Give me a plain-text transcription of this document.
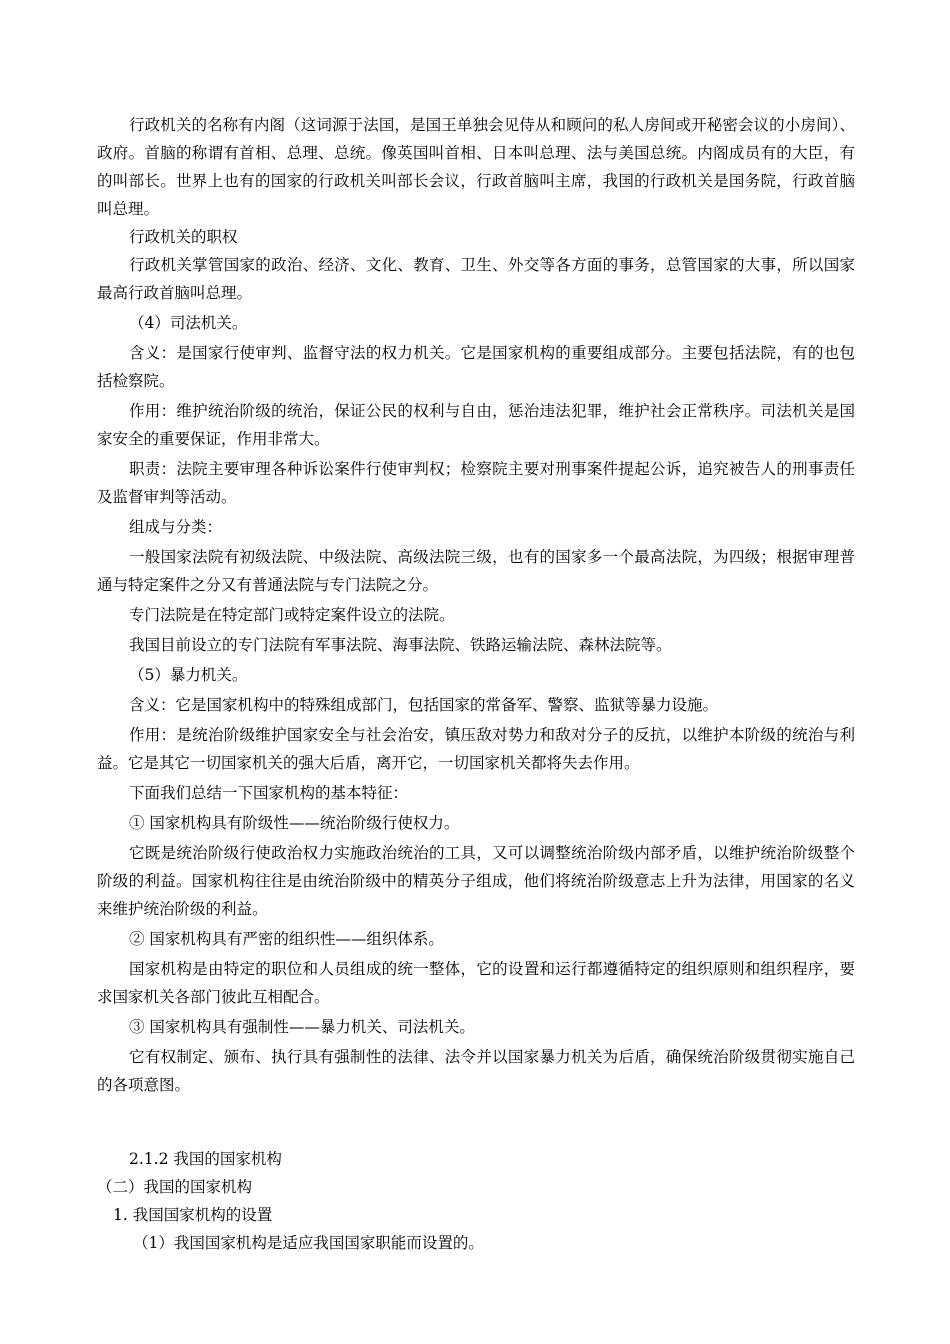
行政机关的名称有内阁（这词源于法国，是国王单独会见侍从和顾问的私人房间或开秘密会议的小房间）、政府。首脑的称谓有首相、总理、总统。像英国叫首相、日本叫总理、法与美国总统。内阁成员有的大臣，有的叫部长。世界上也有的国家的行政机关叫部长会议，行政首脑叫主席，我国的行政机关是国务院，行政首脑叫总理。

行政机关的职权

行政机关掌管国家的政治、经济、文化、教育、卫生、外交等各方面的事务，总管国家的大事，所以国家最高行政首脑叫总理。

（4）司法机关。

含义：是国家行使审判、监督守法的权力机关。它是国家机构的重要组成部分。主要包括法院，有的也包括检察院。

作用：维护统治阶级的统治，保证公民的权利与自由，惩治违法犯罪，维护社会正常秩序。司法机关是国家安全的重要保证，作用非常大。

职责：法院主要审理各种诉讼案件行使审判权；检察院主要对刑事案件提起公诉，追究被告人的刑事责任及监督审判等活动。

组成与分类：

一般国家法院有初级法院、中级法院、高级法院三级，也有的国家多一个最高法院，为四级；根据审理普通与特定案件之分又有普通法院与专门法院之分。

专门法院是在特定部门或特定案件设立的法院。

我国目前设立的专门法院有军事法院、海事法院、铁路运输法院、森林法院等。

（5）暴力机关。

含义：它是国家机构中的特殊组成部门，包括国家的常备军、警察、监狱等暴力设施。

作用：是统治阶级维护国家安全与社会治安，镇压敌对势力和敌对分子的反抗，以维护本阶级的统治与利益。它是其它一切国家机关的强大后盾，离开它，一切国家机关都将失去作用。

下面我们总结一下国家机构的基本特征：

① 国家机构具有阶级性——统治阶级行使权力。

它既是统治阶级行使政治权力实施政治统治的工具，又可以调整统治阶级内部矛盾，以维护统治阶级整个阶级的利益。国家机构往往是由统治阶级中的精英分子组成，他们将统治阶级意志上升为法律，用国家的名义来维护统治阶级的利益。

② 国家机构具有严密的组织性——组织体系。

国家机构是由特定的职位和人员组成的统一整体，它的设置和运行都遵循特定的组织原则和组织程序，要求国家机关各部门彼此互相配合。

③ 国家机构具有强制性——暴力机关、司法机关。

它有权制定、颁布、执行具有强制性的法律、法令并以国家暴力机关为后盾，确保统治阶级贯彻实施自己的各项意图。

2.1.2 我国的国家机构

（二）我国的国家机构

1. 我国国家机构的设置

（1）我国国家机构是适应我国国家职能而设置的。
